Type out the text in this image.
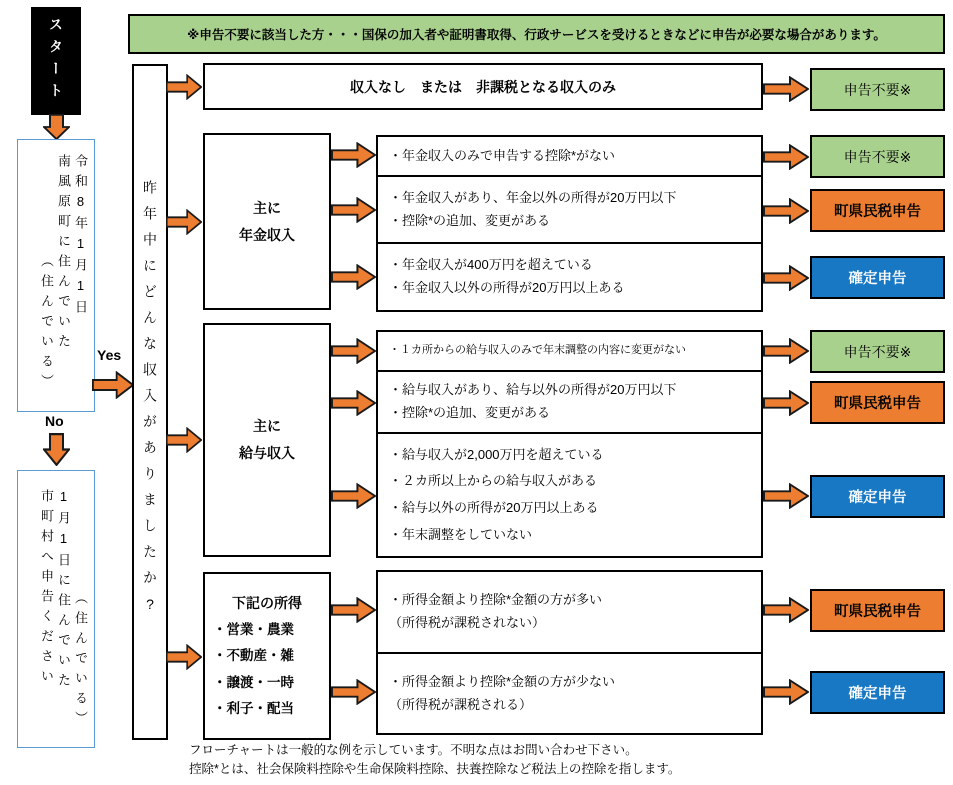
※申告不要に該当した方・・・国保の加入者や証明書取得、行政サービスを受けるときなどに申告が必要な場合があります。
スタート
令和8年1月1日
南風原町に住んでいた
（住んでいる）	Yes
No
（住んでいる）
1月1日に住んでいた
市町村へ申告ください	昨年中にどんな収入がありましたか?
収入なし　または　非課税となる収入のみ	申告不要※
主に
年金収入
・年金収入のみで申告する控除*がない
・年金収入があり、年金以外の所得が20万円以下
・控除*の追加、変更がある
・年金収入が400万円を超えている
・年金収入以外の所得が20万円以上ある
申告不要※
町県民税申告
確定申告
主に
給与収入
・１カ所からの給与収入のみで年末調整の内容に変更がない
・給与収入があり、給与以外の所得が20万円以下
・控除*の追加、変更がある
・給与収入が2,000万円を超えている
・２カ所以上からの給与収入がある
・給与以外の所得が20万円以上ある
・年末調整をしていない
申告不要※
町県民税申告
確定申告
下記の所得
・営業・農業
・不動産・雑
・譲渡・一時
・利子・配当
・所得金額より控除*金額の方が多い
（所得税が課税されない）
・所得金額より控除*金額の方が少ない
（所得税が課税される）
町県民税申告
確定申告
フローチャートは一般的な例を示しています。不明な点はお問い合わせ下さい。
控除*とは、社会保険料控除や生命保険料控除、扶養控除など税法上の控除を指します。
